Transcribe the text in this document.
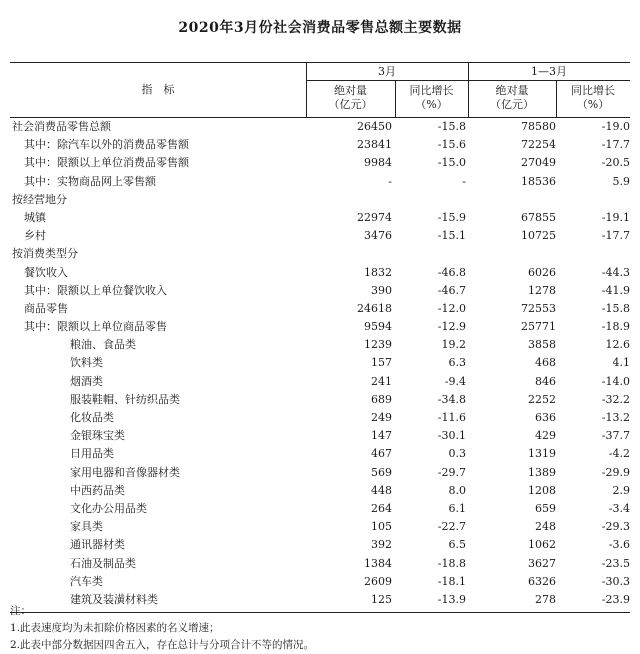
2020年3月份社会消费品零售总额主要数据
指　标
3月	1—3月
绝对量
（亿元）
同比增长
（%）
绝对量
（亿元）
同比增长
（%）
社会消费品零售总额	26450	-15.8	78580	-19.0
其中：除汽车以外的消费品零售额	23841	-15.6	72254	-17.7
其中：限额以上单位消费品零售额	9984	-15.0	27049	-20.5
其中：实物商品网上零售额	-	-	18536	5.9
按经营地分
城镇	22974	-15.9	67855	-19.1
乡村	3476	-15.1	10725	-17.7
按消费类型分
餐饮收入	1832	-46.8	6026	-44.3
其中：限额以上单位餐饮收入	390	-46.7	1278	-41.9
商品零售	24618	-12.0	72553	-15.8
其中：限额以上单位商品零售	9594	-12.9	25771	-18.9
粮油、食品类	1239	19.2	3858	12.6
饮料类	157	6.3	468	4.1
烟酒类	241	-9.4	846	-14.0
服装鞋帽、针纺织品类	689	-34.8	2252	-32.2
化妆品类	249	-11.6	636	-13.2
金银珠宝类	147	-30.1	429	-37.7
日用品类	467	0.3	1319	-4.2
家用电器和音像器材类	569	-29.7	1389	-29.9
中西药品类	448	8.0	1208	2.9
文化办公用品类	264	6.1	659	-3.4
家具类	105	-22.7	248	-29.3
通讯器材类	392	6.5	1062	-3.6
石油及制品类	1384	-18.8	3627	-23.5
汽车类	2609	-18.1	6326	-30.3
建筑及装潢材料类	125	-13.9	278	-23.9
注：
1.此表速度均为未扣除价格因素的名义增速；
2.此表中部分数据因四舍五入，存在总计与分项合计不等的情况。
